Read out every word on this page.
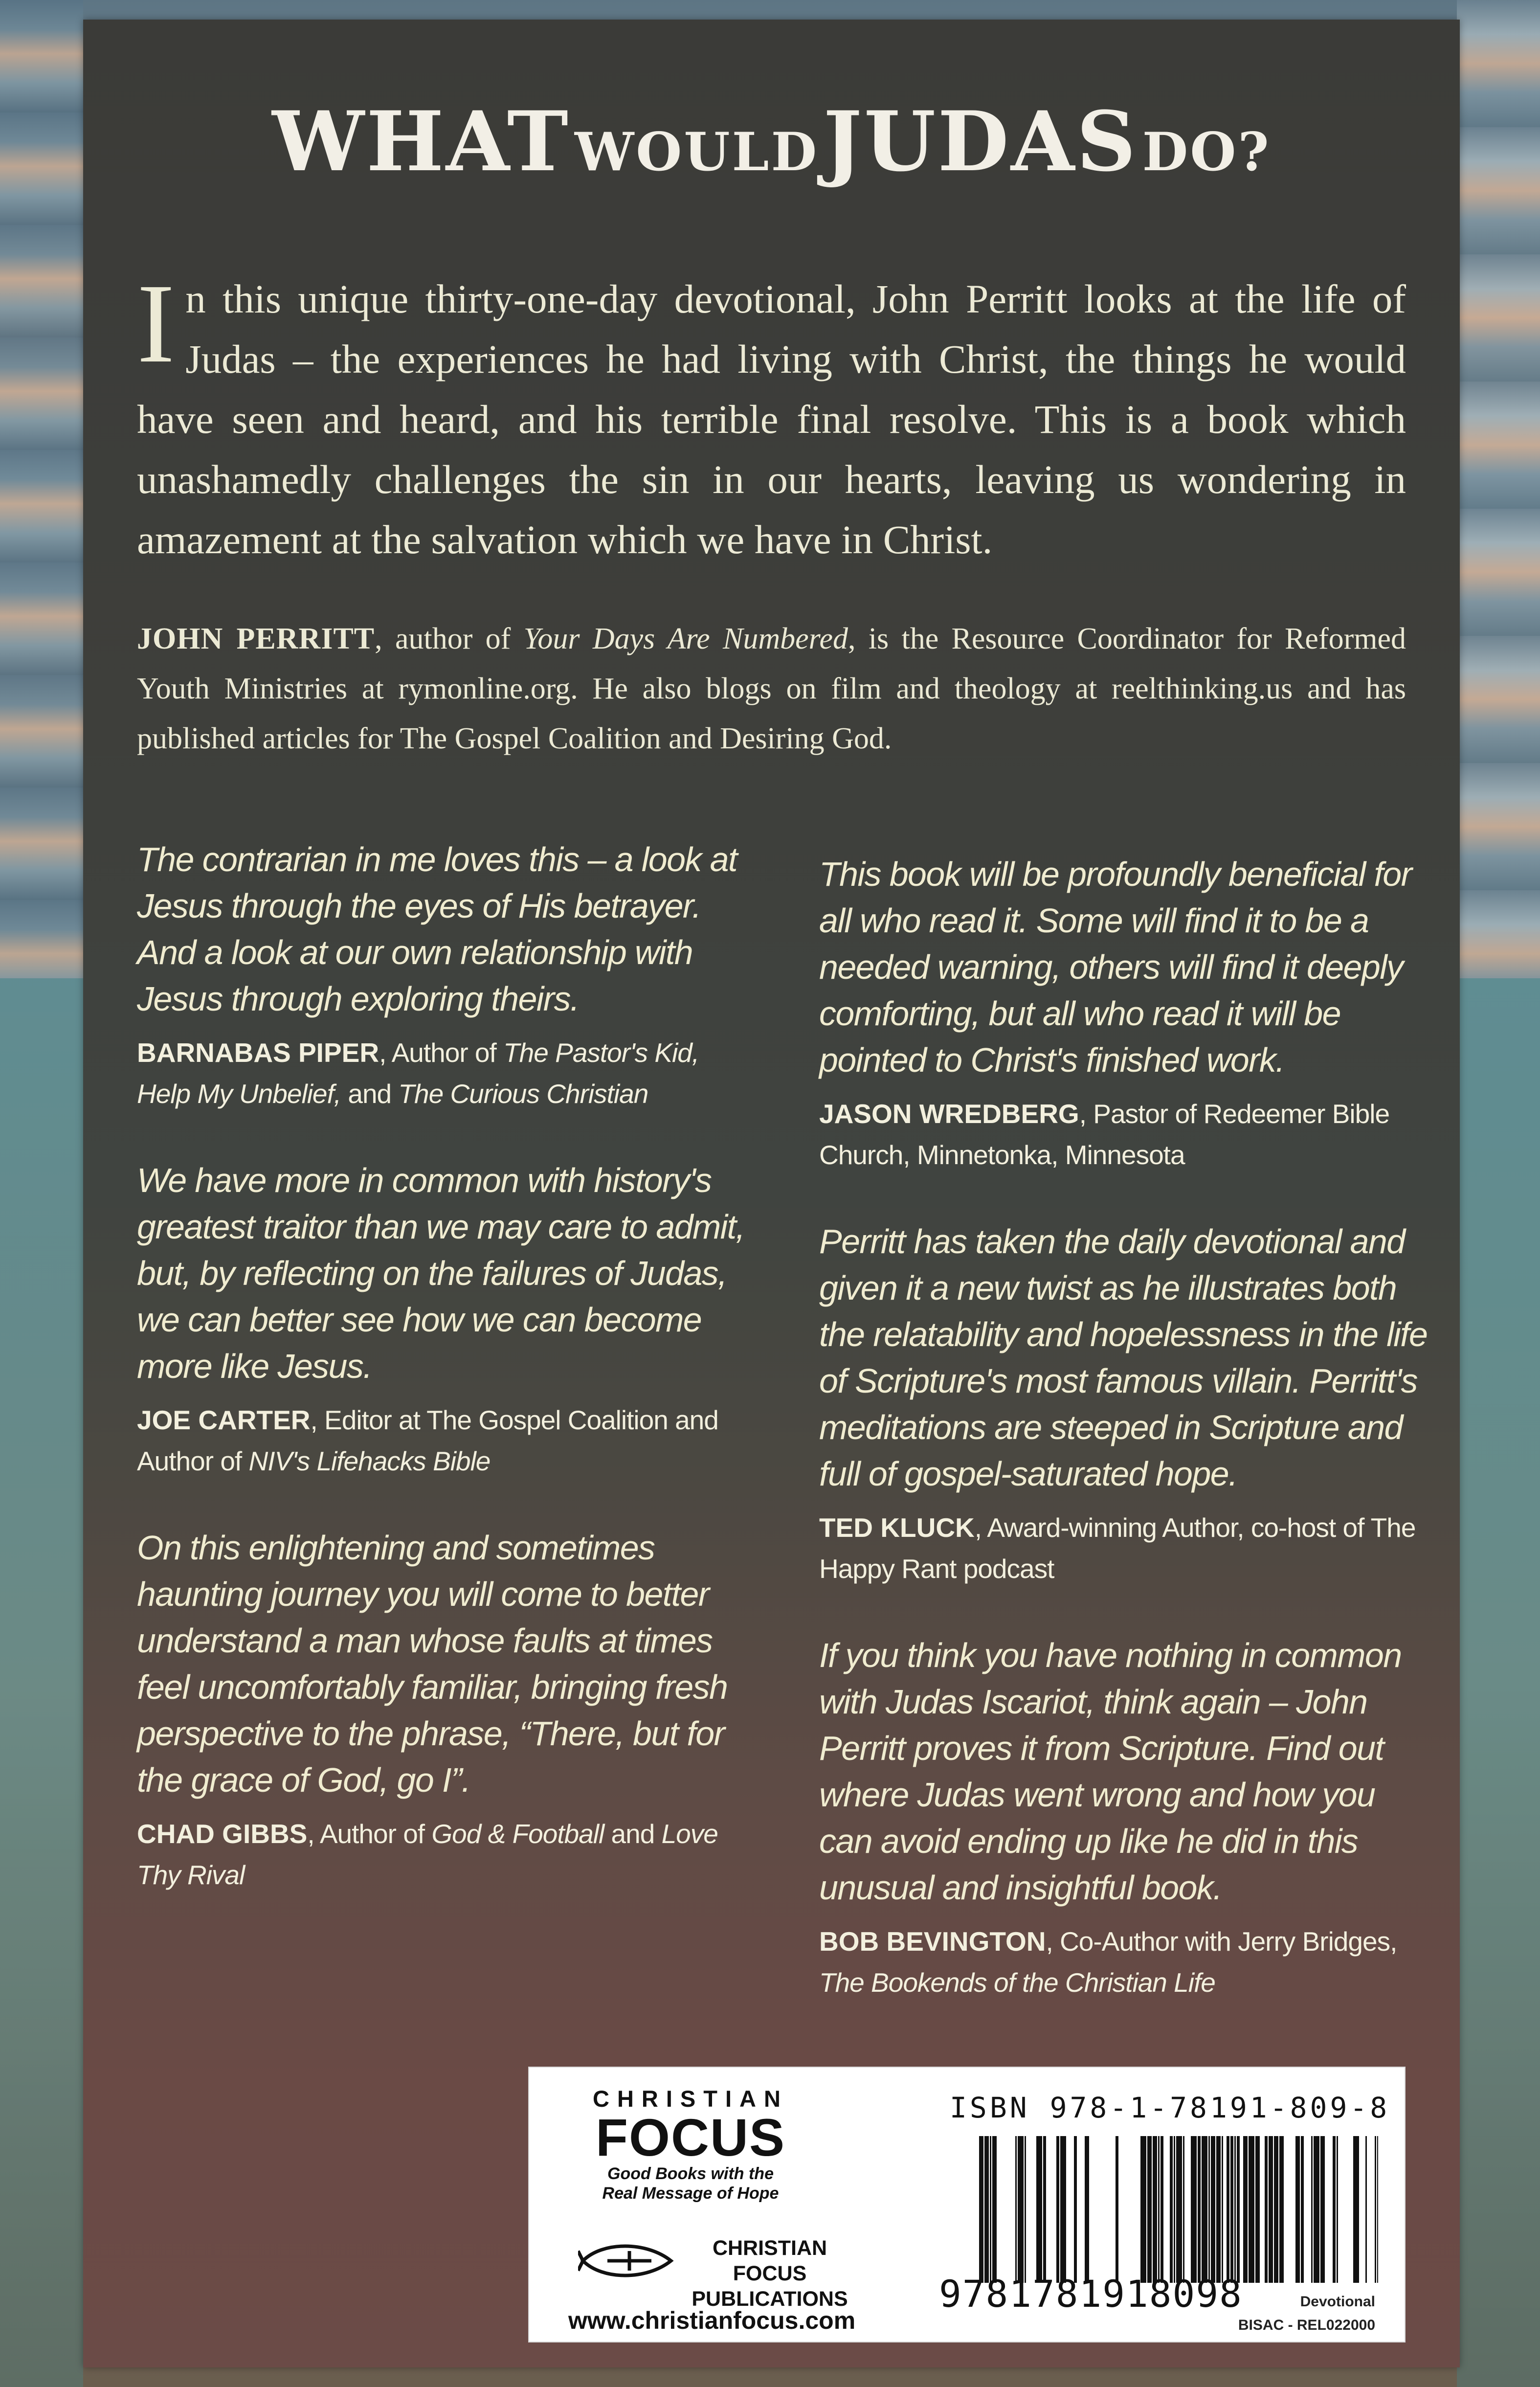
WHAT WOULD JUDAS DO?
I n this unique thirty-one-day devotional, John Perritt looks at the life of Judas – the experiences he had living with Christ, the things he would have seen and heard, and his terrible final resolve. This is a book which unashamedly challenges the sin in our hearts, leaving us wondering in amazement at the salvation which we have in Christ.
JOHN PERRITT, author of Your Days Are Numbered, is the Resource Coordinator for Reformed Youth Ministries at rymonline.org. He also blogs on film and theology at reelthinking.us and has published articles for The Gospel Coalition and Desiring God.

The contrarian in me loves this – a look at Jesus through the eyes of His betrayer. And a look at our own relationship with Jesus through exploring theirs.

BARNABAS PIPER, Author of The Pastor's Kid, Help My Unbelief, and The Curious Christian

We have more in common with history's greatest traitor than we may care to admit, but, by reflecting on the failures of Judas, we can better see how we can become more like Jesus.

JOE CARTER, Editor at The Gospel Coalition and Author of NIV's Lifehacks Bible

On this enlightening and sometimes haunting journey you will come to better understand a man whose faults at times feel uncomfortably familiar, bringing fresh perspective to the phrase, “There, but for the grace of God, go I”.

CHAD GIBBS, Author of God & Football and Love Thy Rival

This book will be profoundly beneficial for all who read it. Some will find it to be a needed warning, others will find it deeply comforting, but all who read it will be pointed to Christ's finished work.

JASON WREDBERG, Pastor of Redeemer Bible Church, Minnetonka, Minnesota

Perritt has taken the daily devotional and given it a new twist as he illustrates both the relatability and hopelessness in the life of Scripture's most famous villain. Perritt's meditations are steeped in Scripture and full of gospel-saturated hope.

TED KLUCK, Award-winning Author, co-host of The Happy Rant podcast

If you think you have nothing in common with Judas Iscariot, think again – John Perritt proves it from Scripture. Find out where Judas went wrong and how you can avoid ending up like he did in this unusual and insightful book.

BOB BEVINGTON, Co-Author with Jerry Bridges, The Bookends of the Christian Life
CHRISTIAN
FOCUS
Good Books with the
Real Message of Hope
CHRISTIAN FOCUS
PUBLICATIONS
www.christianfocus.com
ISBN 978-1-78191-809-8
9781781918098	Devotional
BISAC - REL022000
